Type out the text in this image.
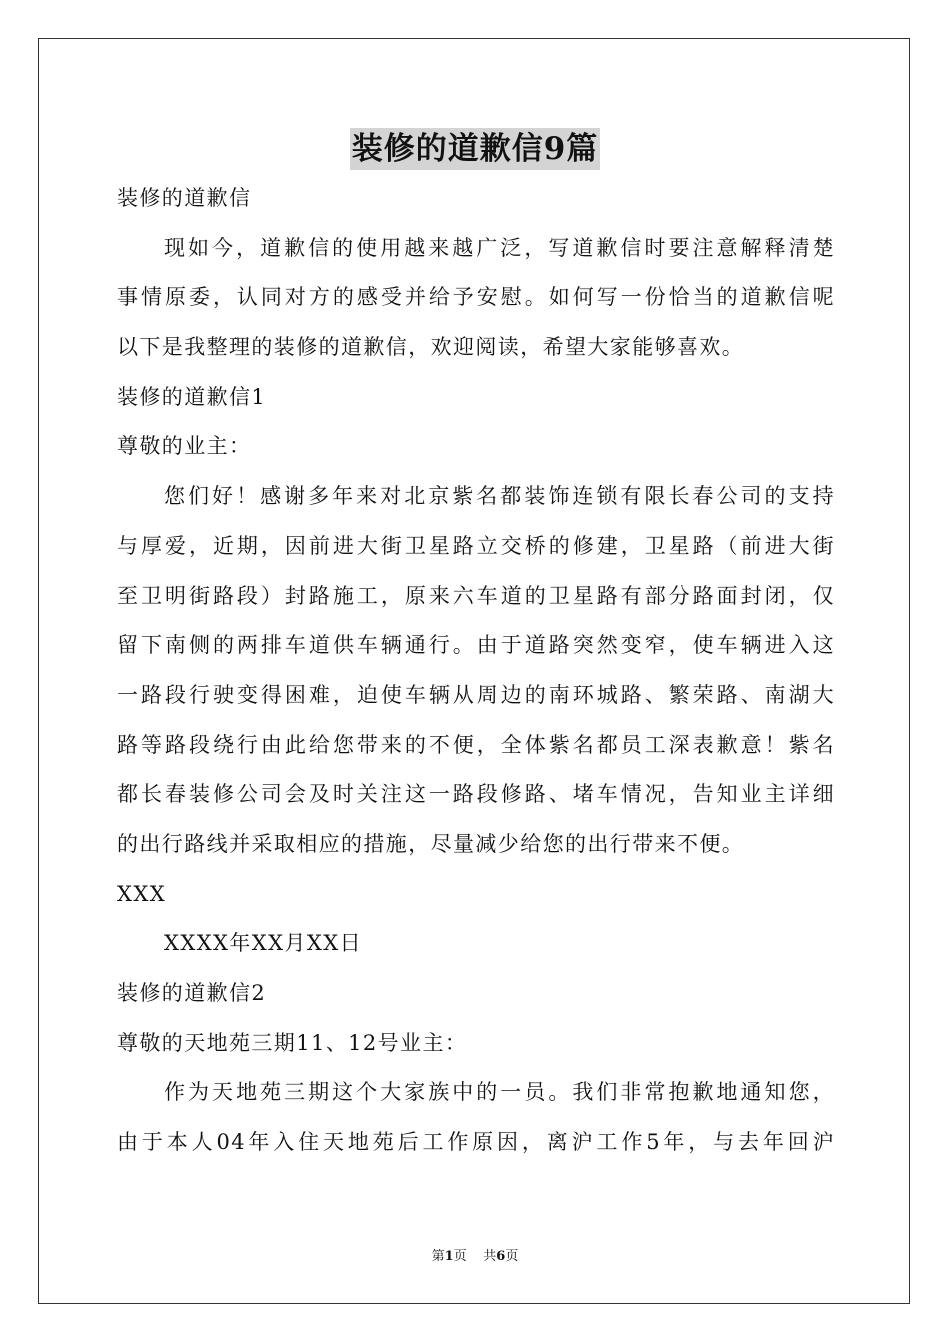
装修的道歉信9篇
装修的道歉信
现如今，道歉信的使用越来越广泛，写道歉信时要注意解释清楚
事情原委，认同对方的感受并给予安慰。如何写一份恰当的道歉信呢
以下是我整理的装修的道歉信，欢迎阅读，希望大家能够喜欢。
装修的道歉信1
尊敬的业主：
您们好！感谢多年来对北京紫名都装饰连锁有限长春公司的支持
与厚爱，近期，因前进大街卫星路立交桥的修建，卫星路（前进大街
至卫明街路段）封路施工，原来六车道的卫星路有部分路面封闭，仅
留下南侧的两排车道供车辆通行。由于道路突然变窄，使车辆进入这
一路段行驶变得困难，迫使车辆从周边的南环城路、繁荣路、南湖大
路等路段绕行由此给您带来的不便，全体紫名都员工深表歉意！紫名
都长春装修公司会及时关注这一路段修路、堵车情况，告知业主详细
的出行路线并采取相应的措施，尽量减少给您的出行带来不便。
XXX
XXXX年XX月XX日
装修的道歉信2
尊敬的天地苑三期11、12号业主：
作为天地苑三期这个大家族中的一员。我们非常抱歉地通知您，
由于本人04年入住天地苑后工作原因，离沪工作5年，与去年回沪
第1页 共6页
